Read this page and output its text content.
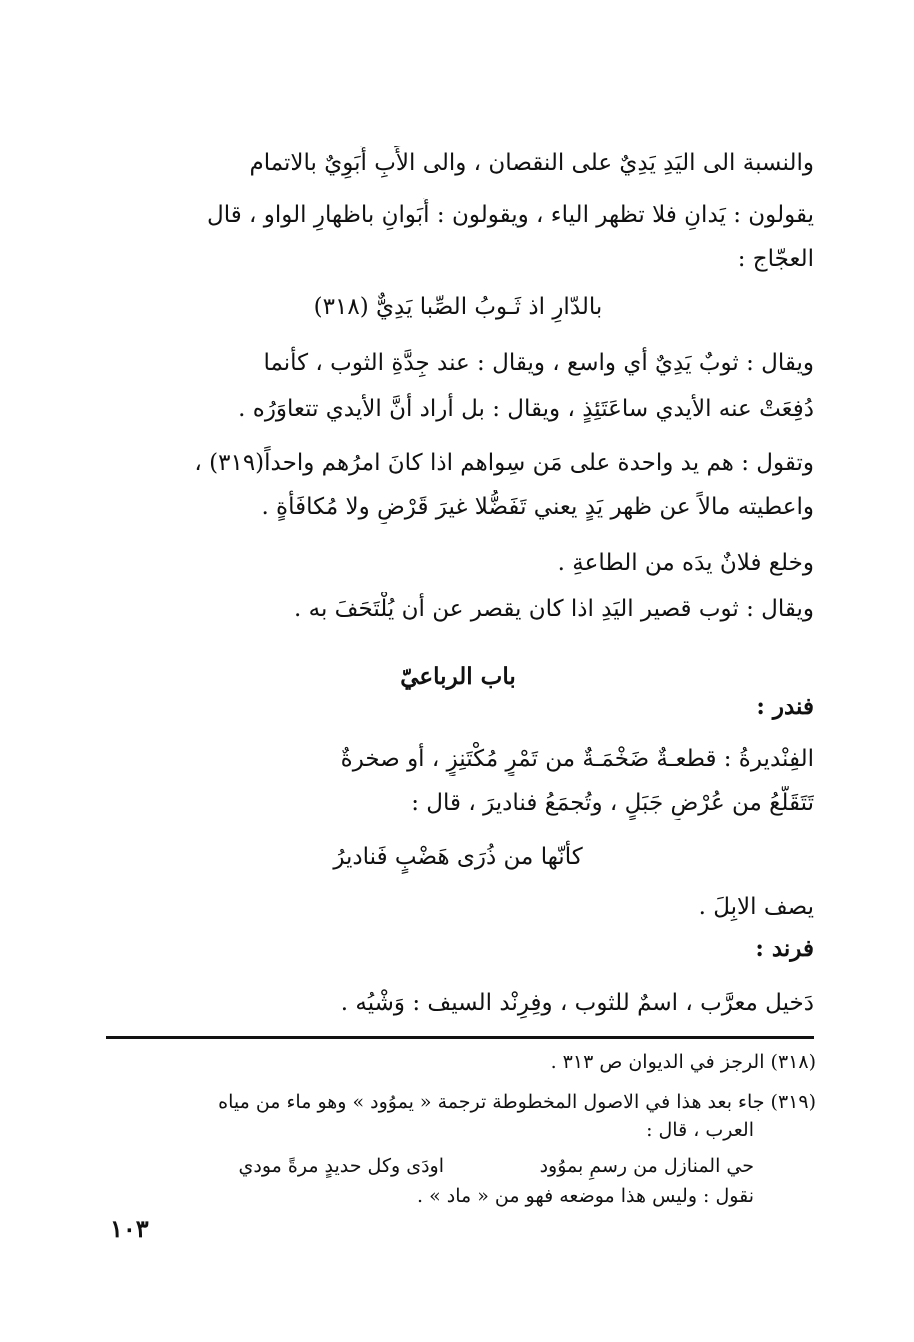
والنسبة الى اليَدِ يَدِيٌ على النقصان ، والى الأَبِ أَبَوِيٌ بالاتمام
يقولون : يَدانِ فلا تظهر الياء ، ويقولون : أَبَوانِ باظهارِ الواو ، قال
العجّاج :
بالدّارِ اذ ثَـوبُ الصِّبا يَدِيٌّ (٣١٨)
ويقال : ثوبٌ يَدِيٌ أي واسع ، ويقال : عند جِدَّةِ الثوب ، كأنما
دُفِعَتْ عنه الأيدي ساعَتَئِذٍ ، ويقال : بل أراد أنَّ الأيدي تتعاوَرُه .
وتقول : هم يد واحدة على مَن سِواهم اذا كانَ امرُهم واحداً(٣١٩) ،
واعطيته مالاً عن ظهر يَدٍ يعني تَفَضُّلا غيرَ قَرْضٍ ولا مُكافَأَةٍ .
وخلع فلانٌ يدَه من الطاعةِ .
ويقال : ثوب قصير اليَدِ اذا كان يقصر عن أن يُلْتَحَفَ به .
باب الرباعيّ
فندر :
الفِنْديرةُ : قطعـةٌ ضَخْمَـةٌ من تَمْرٍ مُكْتَنِزٍ ، أو صخرةٌ
تَتَقَلَّعُ من عُرْضِ جَبَلٍ ، وتُجمَعُ فناديرَ ، قال :
كأنّها من ذُرَى هَضْبٍ فَناديرُ
يصف الابِلَ .
فرند :
دَخيل معرَّب ، اسمٌ للثوب ، وفِرِنْد السيف : وَشْيُه .
(٣١٨) الرجز في الديوان ص ٣١٣ .
(٣١٩) جاء بعد هذا في الاصول المخطوطة ترجمة « يموُود » وهو ماء من مياه
العرب ، قال :
حي المنازل من رسمٍ بموُود
اودَى وكل حديدٍ مرةً مودي
نقول : وليس هذا موضعه فهو من « ماد » .
١٠٣
